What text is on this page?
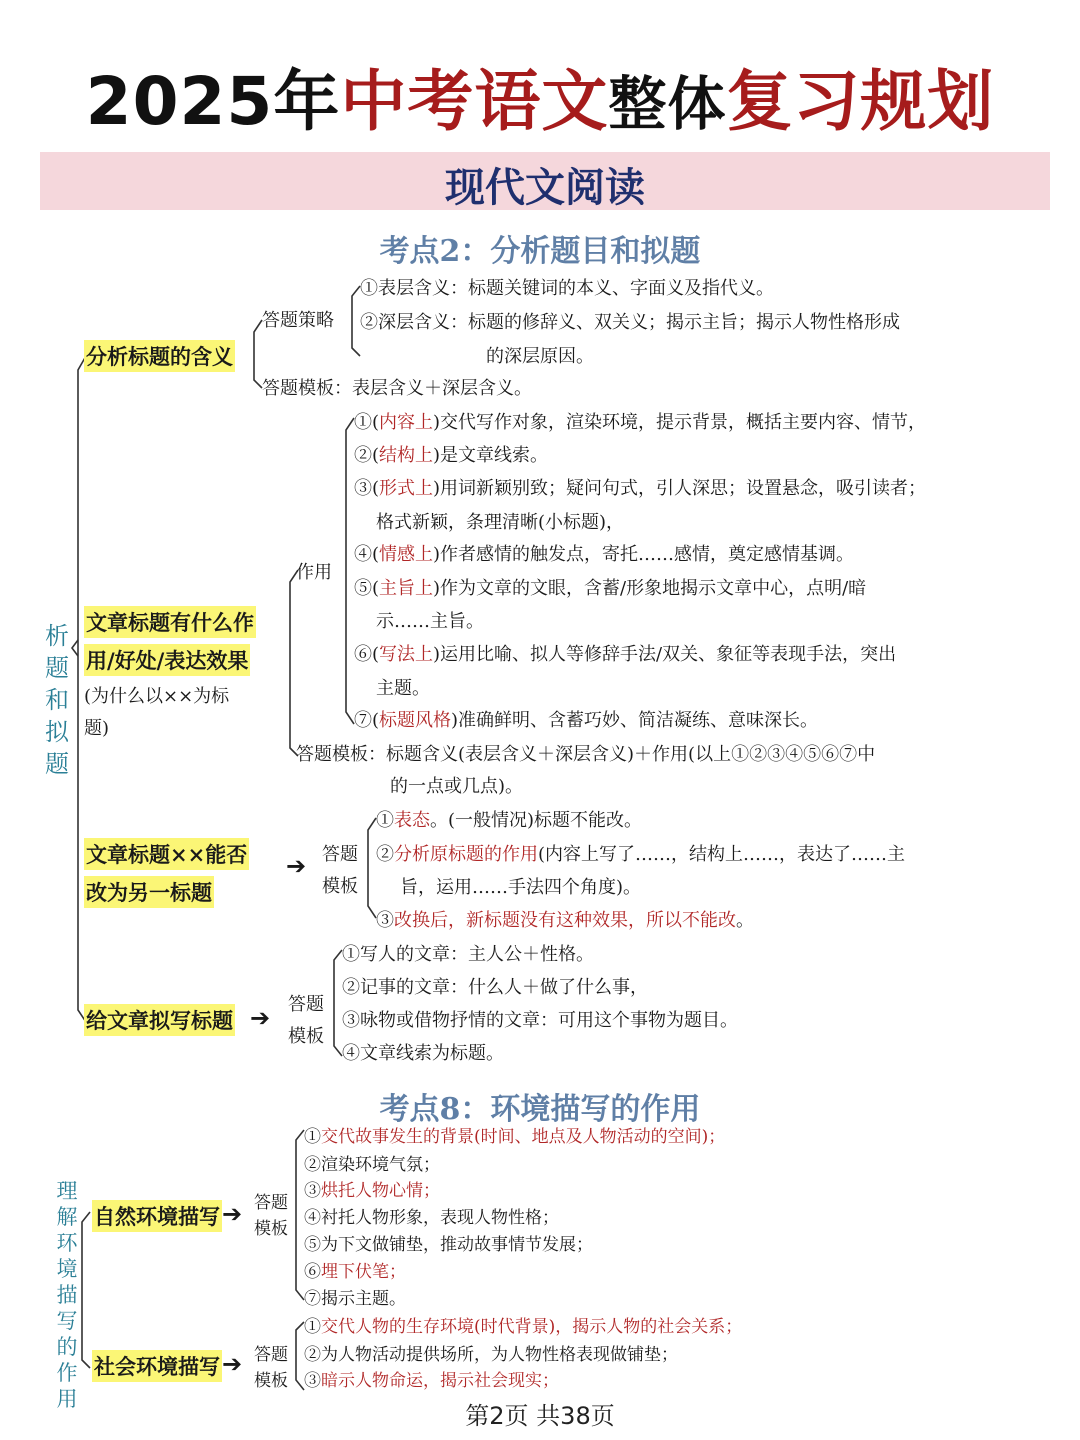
2025年中考语文整体复习规划
现代文阅读
考点2：分析题目和拟题
析题和拟题
分析标题的含义
答题策略
①表层含义：标题关键词的本义、字面义及指代义。
②深层含义：标题的修辞义、双关义；揭示主旨；揭示人物性格形成
的深层原因。
答题模板：表层含义＋深层含义。
文章标题有什么作
用/好处/表达效果
(为什么以××为标
题)
作用
①(内容上)交代写作对象，渲染环境，提示背景，概括主要内容、情节，
②(结构上)是文章线索。
③(形式上)用词新颖别致；疑问句式，引人深思；设置悬念，吸引读者；
格式新颖，条理清晰(小标题)，
④(情感上)作者感情的触发点，寄托……感情，奠定感情基调。
⑤(主旨上)作为文章的文眼，含蓄/形象地揭示文章中心，点明/暗
示……主旨。
⑥(写法上)运用比喻、拟人等修辞手法/双关、象征等表现手法，突出
主题。
⑦(标题风格)准确鲜明、含蓄巧妙、简洁凝练、意味深长。
答题模板：标题含义(表层含义＋深层含义)＋作用(以上①②③④⑤⑥⑦中
的一点或几点)。
文章标题××能否
改为另一标题
➔ 答题
模板
①表态。(一般情况)标题不能改。
②分析原标题的作用(内容上写了……，结构上……，表达了……主
旨，运用……手法四个角度)。
③改换后，新标题没有这种效果，所以不能改。
给文章拟写标题 ➔ 答题
模板
①写人的文章：主人公＋性格。
②记事的文章：什么人＋做了什么事，
③咏物或借物抒情的文章：可用这个事物为题目。
④文章线索为标题。
考点8：环境描写的作用
理解环境描写的作用
自然环境描写 ➔ 答题
模板
①交代故事发生的背景(时间、地点及人物活动的空间)；
②渲染环境气氛；
③烘托人物心情；
④衬托人物形象，表现人物性格；
⑤为下文做铺垫，推动故事情节发展；
⑥埋下伏笔；
⑦揭示主题。
社会环境描写 ➔ 答题
模板
①交代人物的生存环境(时代背景)，揭示人物的社会关系；
②为人物活动提供场所，为人物性格表现做铺垫；
③暗示人物命运，揭示社会现实；
第2页 共38页
